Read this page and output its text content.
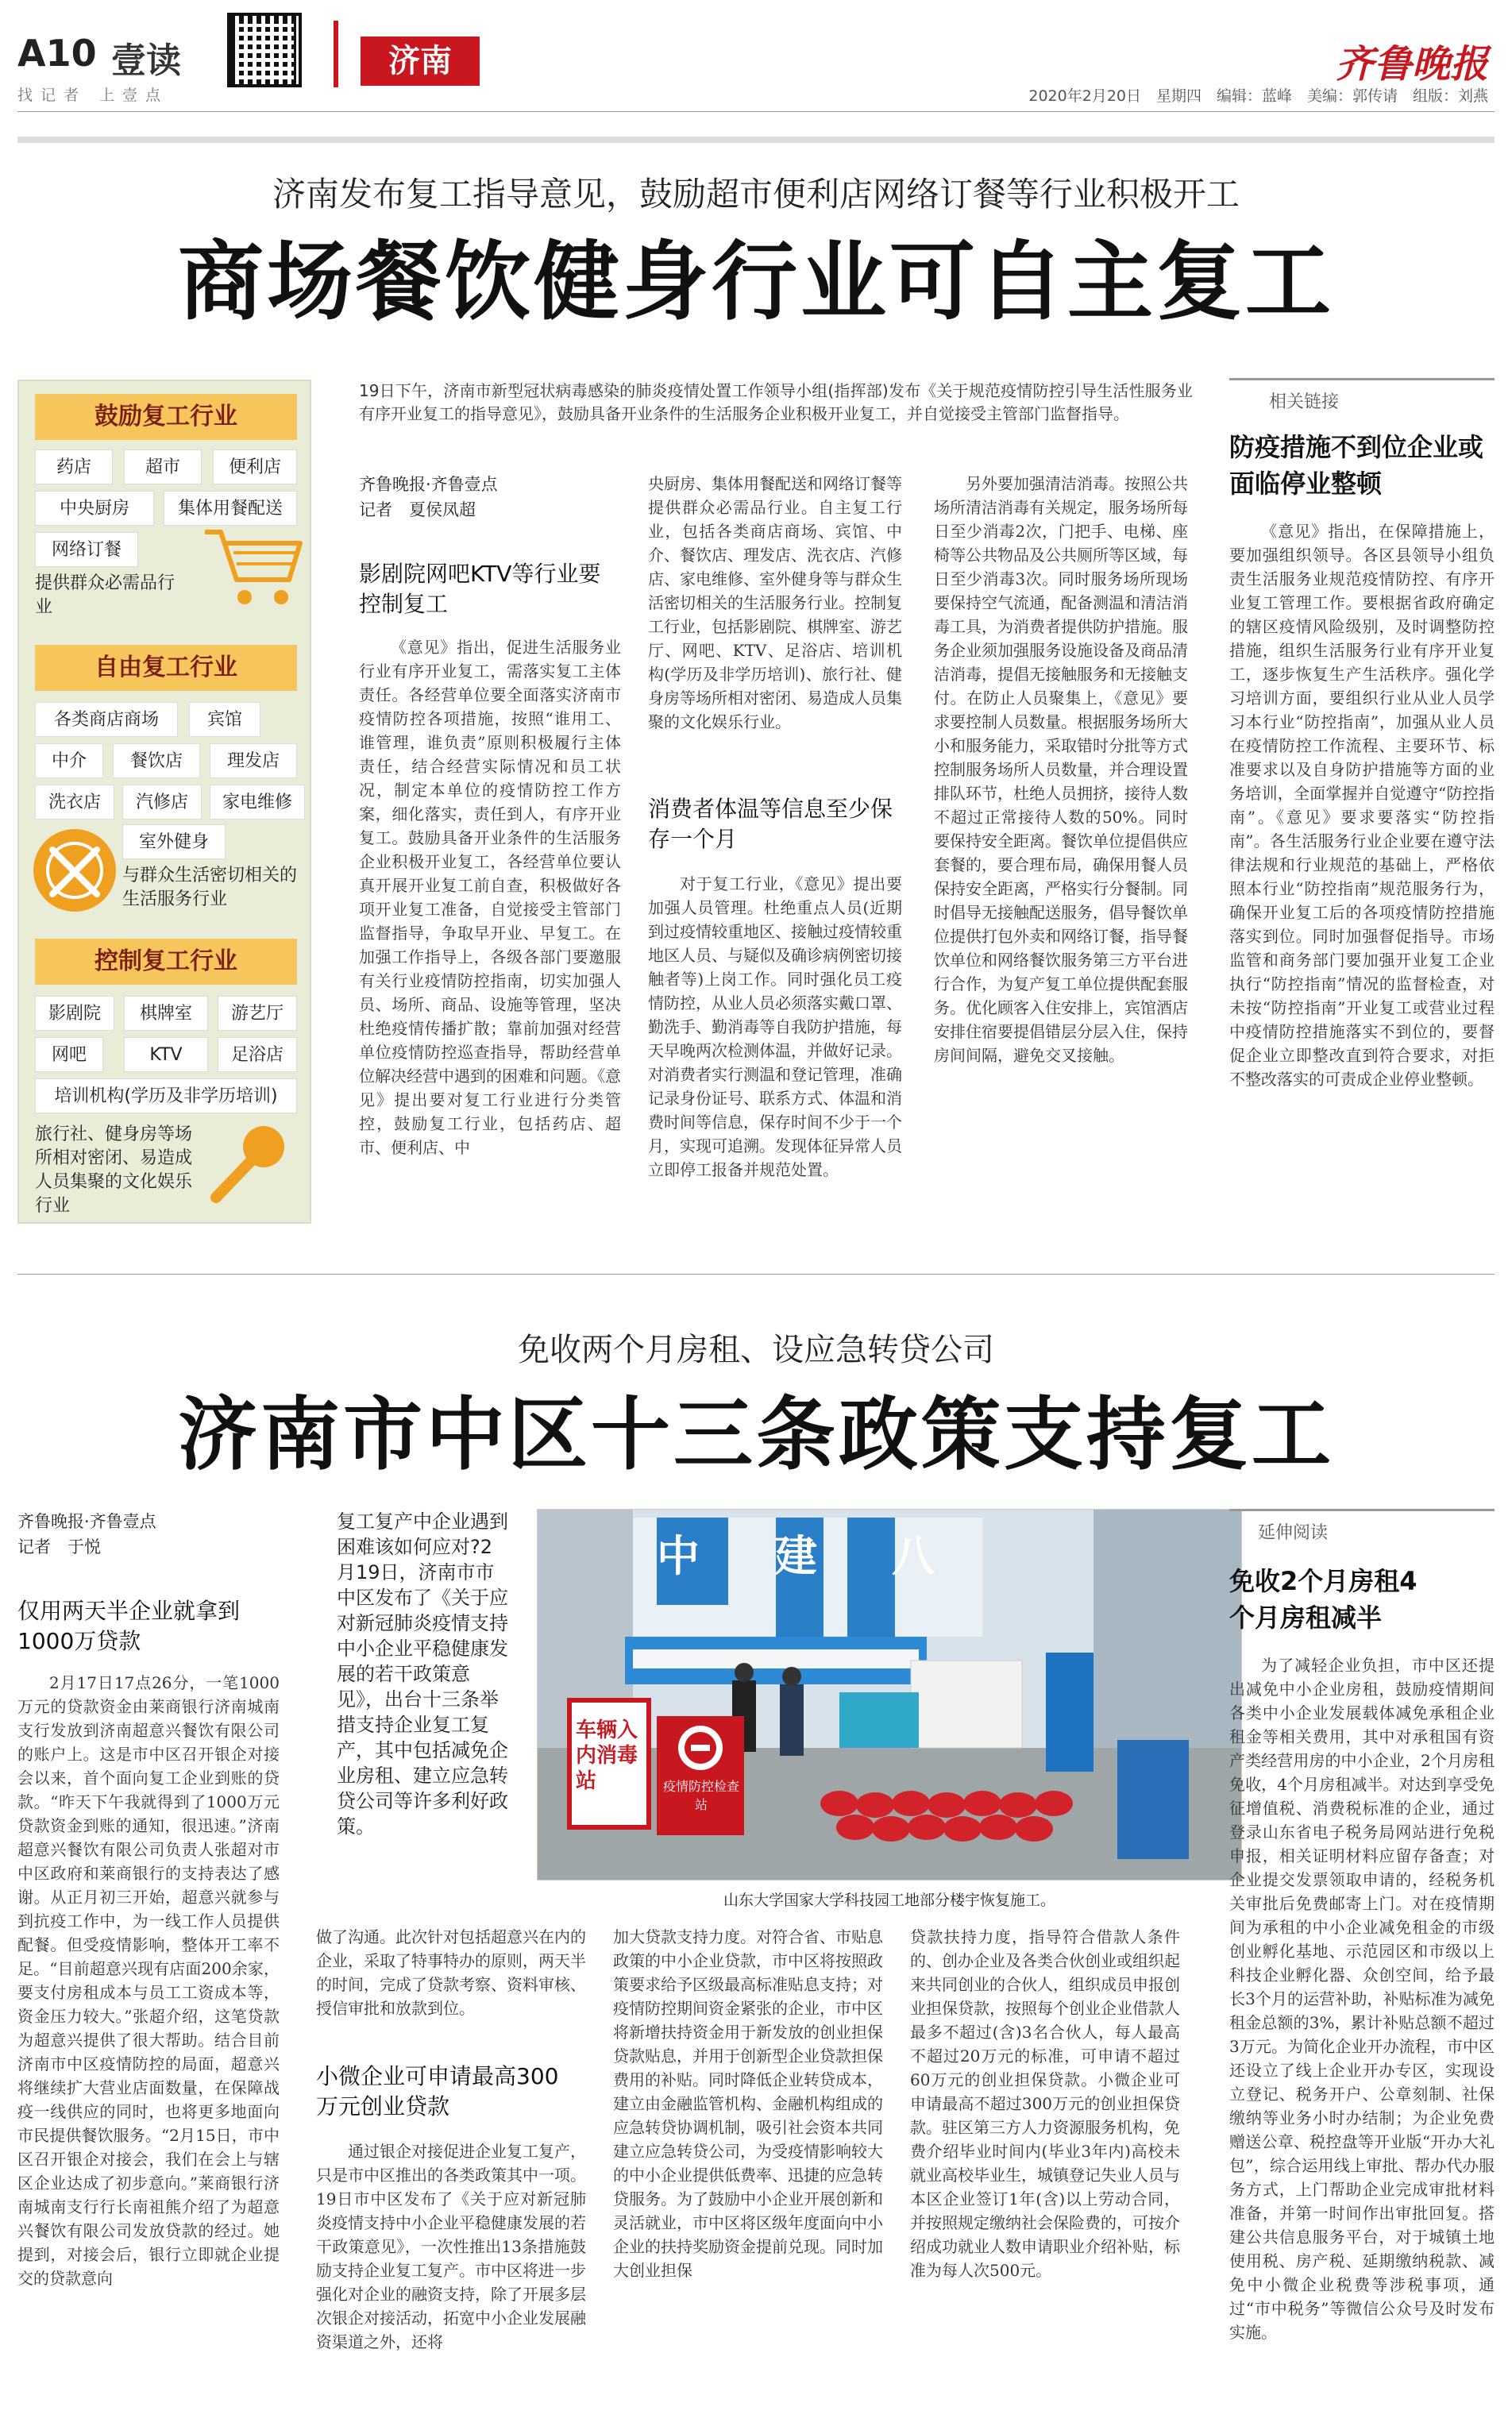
A10 壹读
找记者 上壹点
济南	齐鲁晚报
2020年2月20日　星期四　编辑：蓝峰　美编：郭传请　组版：刘燕
济南发布复工指导意见，鼓励超市便利店网络订餐等行业积极开工
商场餐饮健身行业可自主复工
鼓励复工行业
药店	超市	便利店
中央厨房	集体用餐配送
网络订餐
提供群众必需品行业
自由复工行业
各类商店商场	宾馆
中介	餐饮店	理发店
洗衣店	汽修店	家电维修
室外健身
与群众生活密切相关的生活服务行业
控制复工行业
影剧院	棋牌室	游艺厅
网吧	KTV	足浴店
培训机构(学历及非学历培训)
旅行社、健身房等场所相对密闭、易造成人员集聚的文化娱乐行业
19日下午，济南市新型冠状病毒感染的肺炎疫情处置工作领导小组(指挥部)发布《关于规范疫情防控引导生活性服务业有序开业复工的指导意见》，鼓励具备开业条件的生活服务企业积极开业复工，并自觉接受主管部门监督指导。
齐鲁晚报·齐鲁壹点
记者　夏侯凤超
影剧院网吧KTV等行业要控制复工

《意见》指出，促进生活服务业行业有序开业复工，需落实复工主体责任。各经营单位要全面落实济南市疫情防控各项措施，按照“谁用工、谁管理，谁负责”原则积极履行主体责任，结合经营实际情况和员工状况，制定本单位的疫情防控工作方案，细化落实，责任到人，有序开业复工。鼓励具备开业条件的生活服务企业积极开业复工，各经营单位要认真开展开业复工前自查，积极做好各项开业复工准备，自觉接受主管部门监督指导，争取早开业、早复工。在加强工作指导上，各级各部门要邀服有关行业疫情防控指南，切实加强人员、场所、商品、设施等管理，坚决杜绝疫情传播扩散；靠前加强对经营单位疫情防控巡查指导，帮助经营单位解决经营中遇到的困难和问题。《意见》提出要对复工行业进行分类管控，鼓励复工行业，包括药店、超市、便利店、中

央厨房、集体用餐配送和网络订餐等提供群众必需品行业。自主复工行业，包括各类商店商场、宾馆、中介、餐饮店、理发店、洗衣店、汽修店、家电维修、室外健身等与群众生活密切相关的生活服务行业。控制复工行业，包括影剧院、棋牌室、游艺厅、网吧、KTV、足浴店、培训机构(学历及非学历培训)、旅行社、健身房等场所相对密闭、易造成人员集聚的文化娱乐行业。

消费者体温等信息至少保存一个月

对于复工行业，《意见》提出要加强人员管理。杜绝重点人员(近期到过疫情较重地区、接触过疫情较重地区人员、与疑似及确诊病例密切接触者等)上岗工作。同时强化员工疫情防控，从业人员必须落实戴口罩、勤洗手、勤消毒等自我防护措施，每天早晚两次检测体温，并做好记录。对消费者实行测温和登记管理，准确记录身份证号、联系方式、体温和消费时间等信息，保存时间不少于一个月，实现可追溯。发现体征异常人员立即停工报备并规范处置。

另外要加强清洁消毒。按照公共场所清洁消毒有关规定，服务场所每日至少消毒2次，门把手、电梯、座椅等公共物品及公共厕所等区域，每日至少消毒3次。同时服务场所现场要保持空气流通，配备测温和清洁消毒工具，为消费者提供防护措施。服务企业须加强服务设施设备及商品清洁消毒，提倡无接触服务和无接触支付。在防止人员聚集上，《意见》要求要控制人员数量。根据服务场所大小和服务能力，采取错时分批等方式控制服务场所人员数量，并合理设置排队环节，杜绝人员拥挤，接待人数不超过正常接待人数的50%。同时要保持安全距离。餐饮单位提倡供应套餐的，要合理布局，确保用餐人员保持安全距离，严格实行分餐制。同时倡导无接触配送服务，倡导餐饮单位提供打包外卖和网络订餐，指导餐饮单位和网络餐饮服务第三方平台进行合作，为复产复工单位提供配套服务。优化顾客入住安排上，宾馆酒店安排住宿要提倡错层分层入住，保持房间间隔，避免交叉接触。

相关链接
防疫措施不到位企业或面临停业整顿

《意见》指出，在保障措施上，要加强组织领导。各区县领导小组负责生活服务业规范疫情防控、有序开业复工管理工作。要根据省政府确定的辖区疫情风险级别，及时调整防控措施，组织生活服务行业有序开业复工，逐步恢复生产生活秩序。强化学习培训方面，要组织行业从业人员学习本行业“防控指南”，加强从业人员在疫情防控工作流程、主要环节、标准要求以及自身防护措施等方面的业务培训，全面掌握并自觉遵守“防控指南”。《意见》要求要落实“防控指南”。各生活服务行业企业要在遵守法律法规和行业规范的基础上，严格依照本行业“防控指南”规范服务行为，确保开业复工后的各项疫情防控措施落实到位。同时加强督促指导。市场监管和商务部门要加强开业复工企业执行“防控指南”情况的监督检查，对未按“防控指南”开业复工或营业过程中疫情防控措施落实不到位的，要督促企业立即整改直到符合要求，对拒不整改落实的可责成企业停业整顿。

免收两个月房租、设应急转贷公司
济南市中区十三条政策支持复工
齐鲁晚报·齐鲁壹点
记者　于悦
仅用两天半企业就拿到1000万贷款

2月17日17点26分，一笔1000万元的贷款资金由莱商银行济南城南支行发放到济南超意兴餐饮有限公司的账户上。这是市中区召开银企对接会以来，首个面向复工企业到账的贷款。“昨天下午我就得到了1000万元贷款资金到账的通知，很迅速。”济南超意兴餐饮有限公司负责人张超对市中区政府和莱商银行的支持表达了感谢。从正月初三开始，超意兴就参与到抗疫工作中，为一线工作人员提供配餐。但受疫情影响，整体开工率不足。“目前超意兴现有店面200余家，要支付房租成本与员工工资成本等，资金压力较大。”张超介绍，这笔贷款为超意兴提供了很大帮助。结合目前济南市中区疫情防控的局面，超意兴将继续扩大营业店面数量，在保障战疫一线供应的同时，也将更多地面向市民提供餐饮服务。“2月15日，市中区召开银企对接会，我们在会上与辖区企业达成了初步意向。”莱商银行济南城南支行行长南祖熊介绍了为超意兴餐饮有限公司发放贷款的经过。她提到，对接会后，银行立即就企业提交的贷款意向

复工复产中企业遇到困难该如何应对?2月19日，济南市市中区发布了《关于应对新冠肺炎疫情支持中小企业平稳健康发展的若干政策意见》，出台十三条举措支持企业复工复产，其中包括减免企业房租、建立应急转贷公司等许多利好政策。
中　建　八
车辆入内消毒站	疫情防控检查站
山东大学国家大学科技园工地部分楼宇恢复施工。

做了沟通。此次针对包括超意兴在内的企业，采取了特事特办的原则，两天半的时间，完成了贷款考察、资料审核、授信审批和放款到位。

小微企业可申请最高300万元创业贷款

通过银企对接促进企业复工复产，只是市中区推出的各类政策其中一项。19日市中区发布了《关于应对新冠肺炎疫情支持中小企业平稳健康发展的若干政策意见》，一次性推出13条措施鼓励支持企业复工复产。市中区将进一步强化对企业的融资支持，除了开展多层次银企对接活动，拓宽中小企业发展融资渠道之外，还将

加大贷款支持力度。对符合省、市贴息政策的中小企业贷款，市中区将按照政策要求给予区级最高标准贴息支持；对疫情防控期间资金紧张的企业，市中区将新增扶持资金用于新发放的创业担保贷款贴息，并用于创新型企业贷款担保费用的补贴。同时降低企业转贷成本，建立由金融监管机构、金融机构组成的应急转贷协调机制，吸引社会资本共同建立应急转贷公司，为受疫情影响较大的中小企业提供低费率、迅捷的应急转贷服务。为了鼓励中小企业开展创新和灵活就业，市中区将区级年度面向中小企业的扶持奖励资金提前兑现。同时加大创业担保

贷款扶持力度，指导符合借款人条件的、创办企业及各类合伙创业或组织起来共同创业的合伙人，组织成员申报创业担保贷款，按照每个创业企业借款人最多不超过(含)3名合伙人，每人最高不超过20万元的标准，可申请不超过60万元的创业担保贷款。小微企业可申请最高不超过300万元的创业担保贷款。驻区第三方人力资源服务机构，免费介绍毕业时间内(毕业3年内)高校未就业高校毕业生，城镇登记失业人员与本区企业签订1年(含)以上劳动合同，并按照规定缴纳社会保险费的，可按介绍成功就业人数申请职业介绍补贴，标准为每人次500元。

延伸阅读
免收2个月房租4个月房租减半

为了减轻企业负担，市中区还提出减免中小企业房租，鼓励疫情期间各类中小企业发展载体减免承租企业租金等相关费用，其中对承租国有资产类经营用房的中小企业，2个月房租免收，4个月房租减半。对达到享受免征增值税、消费税标准的企业，通过登录山东省电子税务局网站进行免税申报，相关证明材料应留存备查；对企业提交发票领取申请的，经税务机关审批后免费邮寄上门。对在疫情期间为承租的中小企业减免租金的市级创业孵化基地、示范园区和市级以上科技企业孵化器、众创空间，给予最长3个月的运营补助，补贴标准为减免租金总额的3%，累计补贴总额不超过3万元。为简化企业开办流程，市中区还设立了线上企业开办专区，实现设立登记、税务开户、公章刻制、社保缴纳等业务小时办结制；为企业免费赠送公章、税控盘等开业版“开办大礼包”，综合运用线上审批、帮办代办服务方式，上门帮助企业完成审批材料准备，并第一时间作出审批回复。搭建公共信息服务平台，对于城镇土地使用税、房产税、延期缴纳税款、减免中小微企业税费等涉税事项，通过“市中税务”等微信公众号及时发布实施。
